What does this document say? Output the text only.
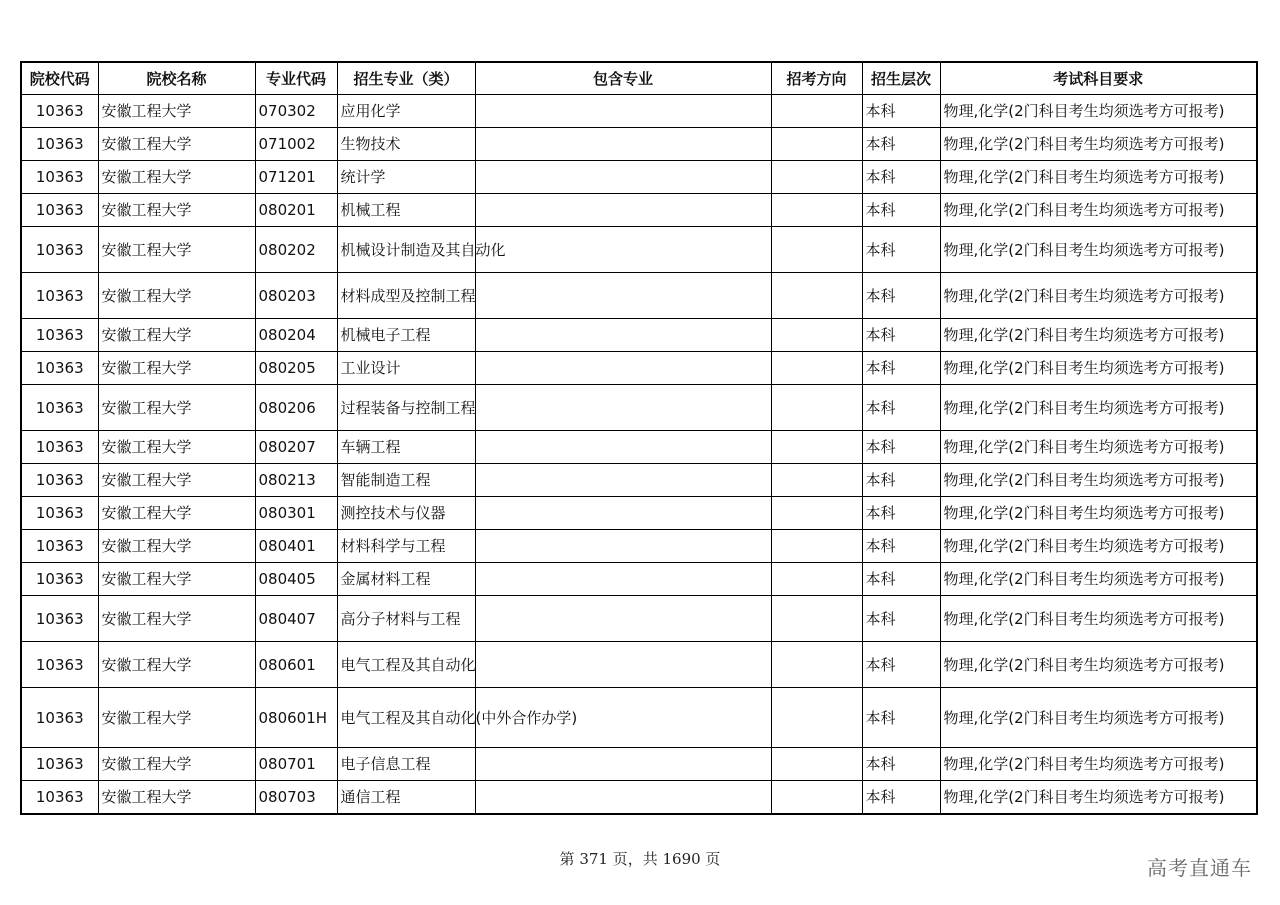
院校代码	院校名称	专业代码	招生专业（类）	包含专业	招考方向	招生层次	考试科目要求
10363	安徽工程大学	070302	应用化学			本科	物理,化学(2门科目考生均须选考方可报考)
10363	安徽工程大学	071002	生物技术			本科	物理,化学(2门科目考生均须选考方可报考)
10363	安徽工程大学	071201	统计学			本科	物理,化学(2门科目考生均须选考方可报考)
10363	安徽工程大学	080201	机械工程			本科	物理,化学(2门科目考生均须选考方可报考)
10363	安徽工程大学	080202	机械设计制造及其自动化			本科	物理,化学(2门科目考生均须选考方可报考)
10363	安徽工程大学	080203	材料成型及控制工程			本科	物理,化学(2门科目考生均须选考方可报考)
10363	安徽工程大学	080204	机械电子工程			本科	物理,化学(2门科目考生均须选考方可报考)
10363	安徽工程大学	080205	工业设计			本科	物理,化学(2门科目考生均须选考方可报考)
10363	安徽工程大学	080206	过程装备与控制工程			本科	物理,化学(2门科目考生均须选考方可报考)
10363	安徽工程大学	080207	车辆工程			本科	物理,化学(2门科目考生均须选考方可报考)
10363	安徽工程大学	080213	智能制造工程			本科	物理,化学(2门科目考生均须选考方可报考)
10363	安徽工程大学	080301	测控技术与仪器			本科	物理,化学(2门科目考生均须选考方可报考)
10363	安徽工程大学	080401	材料科学与工程			本科	物理,化学(2门科目考生均须选考方可报考)
10363	安徽工程大学	080405	金属材料工程			本科	物理,化学(2门科目考生均须选考方可报考)
10363	安徽工程大学	080407	高分子材料与工程			本科	物理,化学(2门科目考生均须选考方可报考)
10363	安徽工程大学	080601	电气工程及其自动化			本科	物理,化学(2门科目考生均须选考方可报考)
10363	安徽工程大学	080601H	电气工程及其自动化(中外合作办学)			本科	物理,化学(2门科目考生均须选考方可报考)
10363	安徽工程大学	080701	电子信息工程			本科	物理,化学(2门科目考生均须选考方可报考)
10363	安徽工程大学	080703	通信工程			本科	物理,化学(2门科目考生均须选考方可报考)
第 371 页，共 1690 页	高考直通车
